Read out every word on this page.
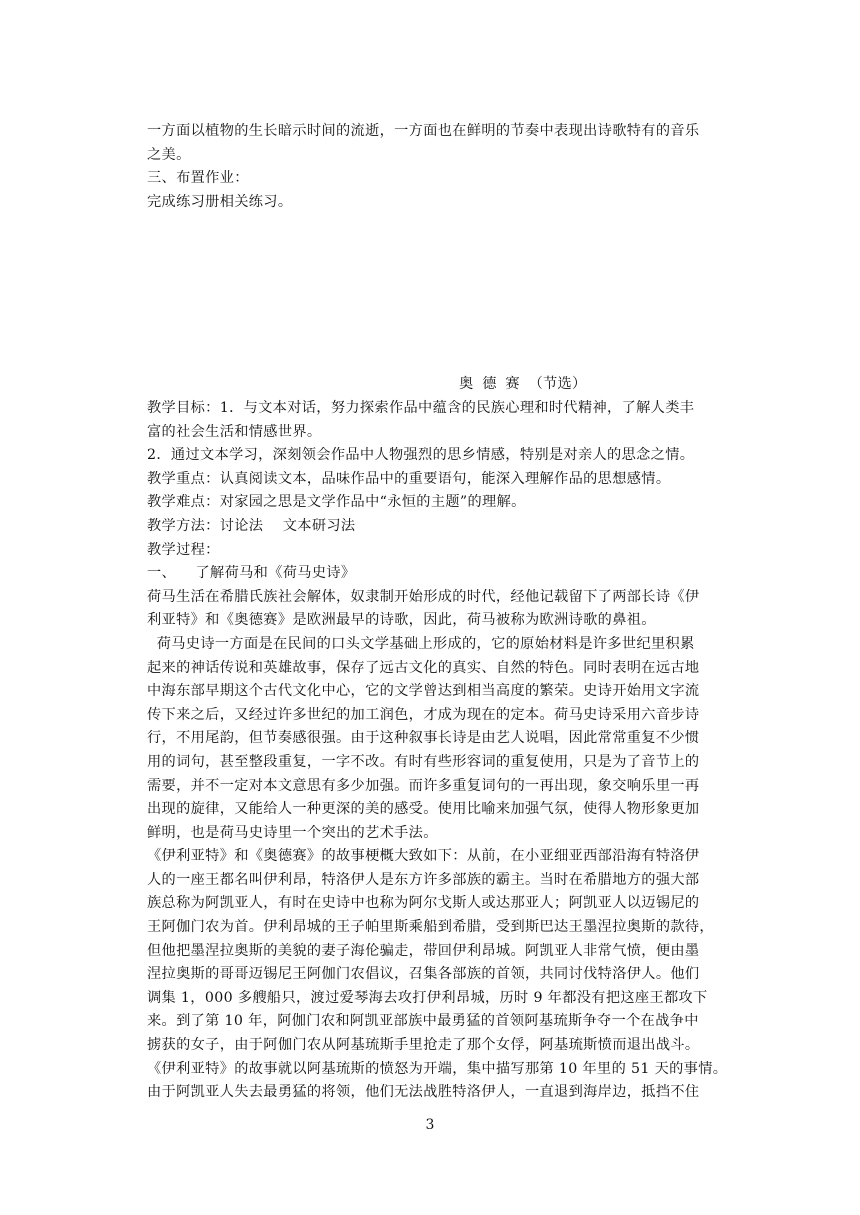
一方面以植物的生长暗示时间的流逝，一方面也在鲜明的节奏中表现出诗歌特有的音乐

之美。

三、布置作业：

完成练习册相关练习。

奥德赛（节选）

教学目标：1．与文本对话，努力探索作品中蕴含的民族心理和时代精神，了解人类丰

富的社会生活和情感世界。

2．通过文本学习，深刻领会作品中人物强烈的思乡情感，特别是对亲人的思念之情。

教学重点：认真阅读文本，品味作品中的重要语句，能深入理解作品的思想感情。

教学难点：对家园之思是文学作品中“永恒的主题”的理解。

教学方法：讨论法    文本研习法

教学过程：

一、    了解荷马和《荷马史诗》

荷马生活在希腊氏族社会解体，奴隶制开始形成的时代，经他记载留下了两部长诗《伊

利亚特》和《奥德赛》是欧洲最早的诗歌，因此，荷马被称为欧洲诗歌的鼻祖。

荷马史诗一方面是在民间的口头文学基础上形成的，它的原始材料是许多世纪里积累

起来的神话传说和英雄故事，保存了远古文化的真实、自然的特色。同时表明在远古地

中海东部早期这个古代文化中心，它的文学曾达到相当高度的繁荣。史诗开始用文字流

传下来之后，又经过许多世纪的加工润色，才成为现在的定本。荷马史诗采用六音步诗

行，不用尾韵，但节奏感很强。由于这种叙事长诗是由艺人说唱，因此常常重复不少惯

用的词句，甚至整段重复，一字不改。有时有些形容词的重复使用，只是为了音节上的

需要，并不一定对本文意思有多少加强。而许多重复词句的一再出现，象交响乐里一再

出现的旋律，又能给人一种更深的美的感受。使用比喻来加强气氛，使得人物形象更加

鲜明，也是荷马史诗里一个突出的艺术手法。

《伊利亚特》和《奥德赛》的故事梗概大致如下：从前，在小亚细亚西部沿海有特洛伊

人的一座王都名叫伊利昂，特洛伊人是东方许多部族的霸主。当时在希腊地方的强大部

族总称为阿凯亚人，有时在史诗中也称为阿尔戈斯人或达那亚人；阿凯亚人以迈锡尼的

王阿伽门农为首。伊利昂城的王子帕里斯乘船到希腊，受到斯巴达王墨涅拉奥斯的款待，

但他把墨涅拉奥斯的美貌的妻子海伦骗走，带回伊利昂城。阿凯亚人非常气愤，便由墨

涅拉奥斯的哥哥迈锡尼王阿伽门农倡议，召集各部族的首领，共同讨伐特洛伊人。他们

调集 1，000 多艘船只，渡过爱琴海去攻打伊利昂城，历时 9 年都没有把这座王都攻下

来。到了第 10 年，阿伽门农和阿凯亚部族中最勇猛的首领阿基琉斯争夺一个在战争中

掳获的女子，由于阿伽门农从阿基琉斯手里抢走了那个女俘，阿基琉斯愤而退出战斗。

《伊利亚特》的故事就以阿基琉斯的愤怒为开端，集中描写那第 10 年里的 51 天的事情。

由于阿凯亚人失去最勇猛的将领，他们无法战胜特洛伊人，一直退到海岸边，抵挡不住

3
